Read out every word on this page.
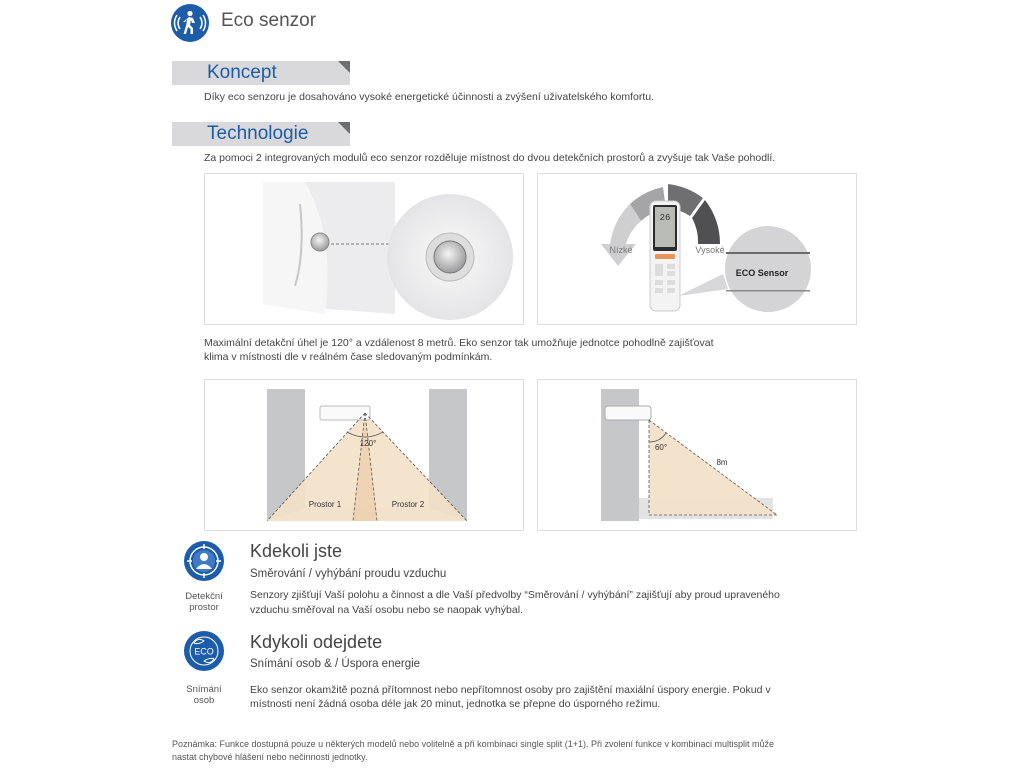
Eco senzor
Koncept
Díky eco senzoru je dosahováno vysoké energetické účinnosti a zvýšení uživatelského komfortu.
Technologie
Za pomoci 2 integrovaných modulů eco senzor rozděluje místnost do dvou detekčních prostorů a zvyšuje tak Vaše pohodlí.
26
Nízké	Vysoké
ECO Sensor
Maximální detakční úhel je 120° a vzdálenost 8 metrů. Eko senzor tak umožňuje jednotce pohodlně zajišťovat
klima v místnosti dle v reálném čase sledovaným podmínkám.
120°
Prostor 1	Prostor 2
60°
8m
Detekční
prostor
Kdekoli jste
Směrování / vyhýbání proudu vzduchu
Senzory zjišťují Vaší polohu a činnost a dle Vaší předvolby “Směrování / vyhýbání” zajišťují aby proud upraveného
vzduchu směřoval na Vaší osobu nebo se naopak vyhýbal.
ECO
Snímání
osob
Kdykoli odejdete
Snímání osob & / Úspora energie
Eko senzor okamžitě pozná přítomnost nebo nepřítomnost osoby pro zajištění maxiální úspory energie. Pokud v
místnosti není žádná osoba déle jak 20 minut, jednotka se přepne do úsporného režimu.
Poznámka: Funkce dostupná pouze u některých modelů nebo volitelně a při kombinaci single split (1+1). Při zvolení funkce v kombinaci multisplit může
nastat chybové hlášení nebo nečinnosti jednotky.
